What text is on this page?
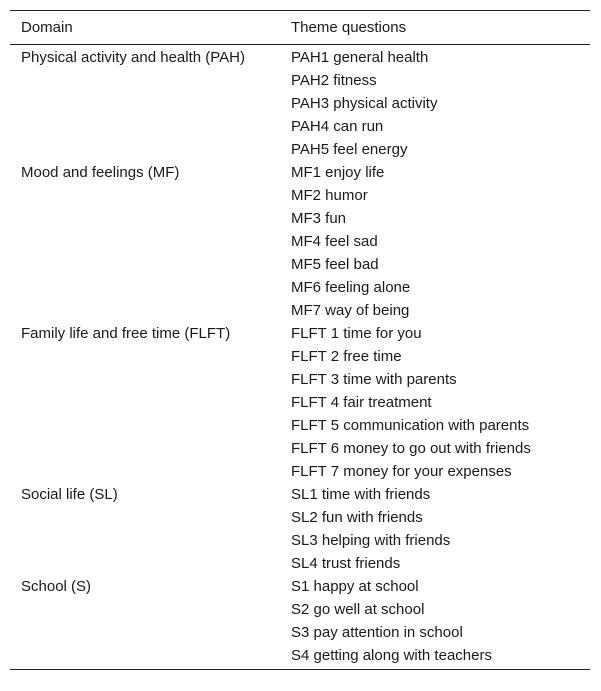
Domain	Theme questions
Physical activity and health (PAH)	PAH1 general health
PAH2 fitness
PAH3 physical activity
PAH4 can run
PAH5 feel energy
Mood and feelings (MF)	MF1 enjoy life
MF2 humor
MF3 fun
MF4 feel sad
MF5 feel bad
MF6 feeling alone
MF7 way of being
Family life and free time (FLFT)	FLFT 1 time for you
FLFT 2 free time
FLFT 3 time with parents
FLFT 4 fair treatment
FLFT 5 communication with parents
FLFT 6 money to go out with friends
FLFT 7 money for your expenses
Social life (SL)	SL1 time with friends
SL2 fun with friends
SL3 helping with friends
SL4 trust friends
School (S)	S1 happy at school
S2 go well at school
S3 pay attention in school
S4 getting along with teachers
